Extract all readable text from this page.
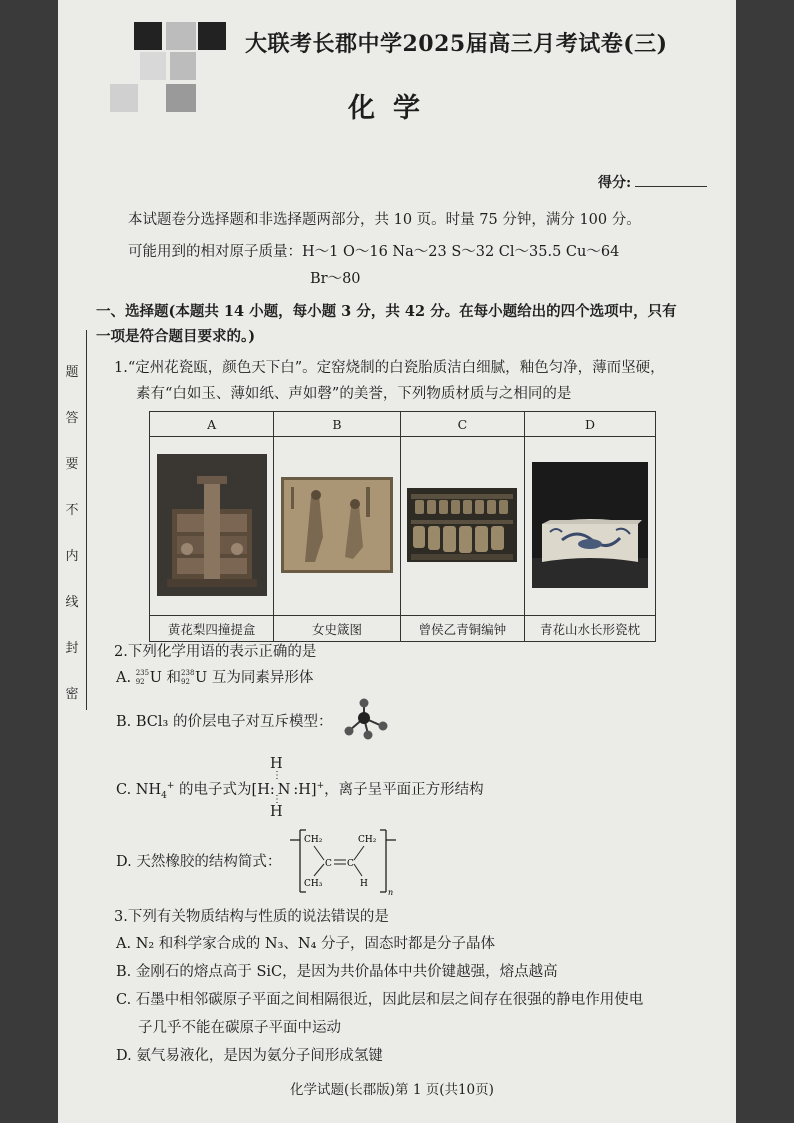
大联考长郡中学2025届高三月考试卷(三)
化学
得分:
本试题卷分选择题和非选择题两部分，共 10 页。时量 75 分钟，满分 100 分。
可能用到的相对原子质量：H～1 O～16 Na～23 S～32 Cl～35.5 Cu～64
Br～80
一、选择题(本题共 14 小题，每小题 3 分，共 42 分。在每小题给出的四个选项中，只有
一项是符合题目要求的。)
题
答
要
不
内
线
封
密
1.“定州花瓷瓯，颜色天下白”。定窑烧制的白瓷胎质洁白细腻，釉色匀净，薄而坚硬，
素有“白如玉、薄如纸、声如磬”的美誉，下列物质材质与之相同的是
A	B	C	D

黄花梨四撞提盒	女史箴图	曾侯乙青铜编钟	青花山水长形瓷枕
2.下列化学用语的表示正确的是
A. 235
92 U 和 238
92 U 互为同素异形体
B. BCl₃ 的价层电子对互斥模型：
H
⋮
C. $NH_4^+$ 的电子式为[H: N :H]+，离子呈平面正方形结构
⋮
H
D. 天然橡胶的结构简式：
CH₂
CH₃
C C
CH₂
H
n
3.下列有关物质结构与性质的说法错误的是
A. N₂ 和科学家合成的 N₃、N₄ 分子，固态时都是分子晶体
B. 金刚石的熔点高于 SiC，是因为共价晶体中共价键越强，熔点越高
C. 石墨中相邻碳原子平面之间相隔很近，因此层和层之间存在很强的静电作用使电
子几乎不能在碳原子平面中运动
D. 氨气易液化，是因为氨分子间形成氢键
化学试题(长郡版)第 1 页(共10页)
